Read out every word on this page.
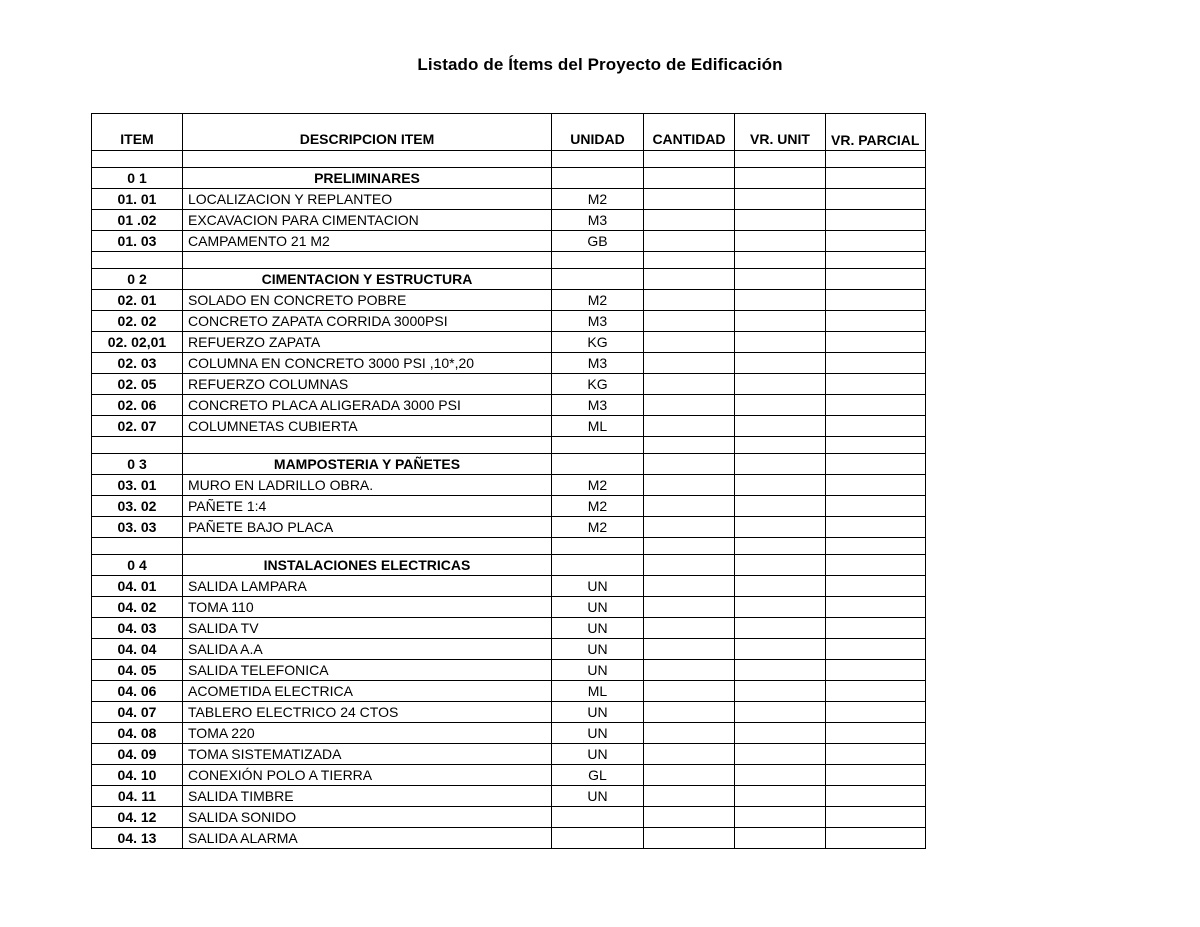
Listado de Ítems del Proyecto de Edificación
ITEM	DESCRIPCION ITEM	UNIDAD	CANTIDAD	VR. UNIT	VR. PARCIAL

0 1	PRELIMINARES				
01. 01	LOCALIZACION Y REPLANTEO	M2			
01 .02	EXCAVACION PARA CIMENTACION	M3			
01. 03	CAMPAMENTO 21 M2	GB			

0 2	CIMENTACION Y ESTRUCTURA				
02. 01	SOLADO EN CONCRETO POBRE	M2			
02. 02	CONCRETO ZAPATA CORRIDA 3000PSI	M3			
02. 02,01	REFUERZO ZAPATA	KG			
02. 03	COLUMNA EN CONCRETO 3000 PSI ,10*,20	M3			
02. 05	REFUERZO COLUMNAS	KG			
02. 06	CONCRETO PLACA ALIGERADA 3000 PSI	M3			
02. 07	COLUMNETAS CUBIERTA	ML			

0 3	MAMPOSTERIA Y PAÑETES				
03. 01	MURO EN LADRILLO OBRA.	M2			
03. 02	PAÑETE 1:4	M2			
03. 03	PAÑETE BAJO PLACA	M2			

0 4	INSTALACIONES ELECTRICAS				
04. 01	SALIDA LAMPARA	UN			
04. 02	TOMA 110	UN			
04. 03	SALIDA TV	UN			
04. 04	SALIDA A.A	UN			
04. 05	SALIDA TELEFONICA	UN			
04. 06	ACOMETIDA ELECTRICA	ML			
04. 07	TABLERO ELECTRICO 24 CTOS	UN			
04. 08	TOMA 220	UN			
04. 09	TOMA SISTEMATIZADA	UN			
04. 10	CONEXIÓN POLO A TIERRA	GL			
04. 11	SALIDA TIMBRE	UN			
04. 12	SALIDA SONIDO				
04. 13	SALIDA ALARMA				
